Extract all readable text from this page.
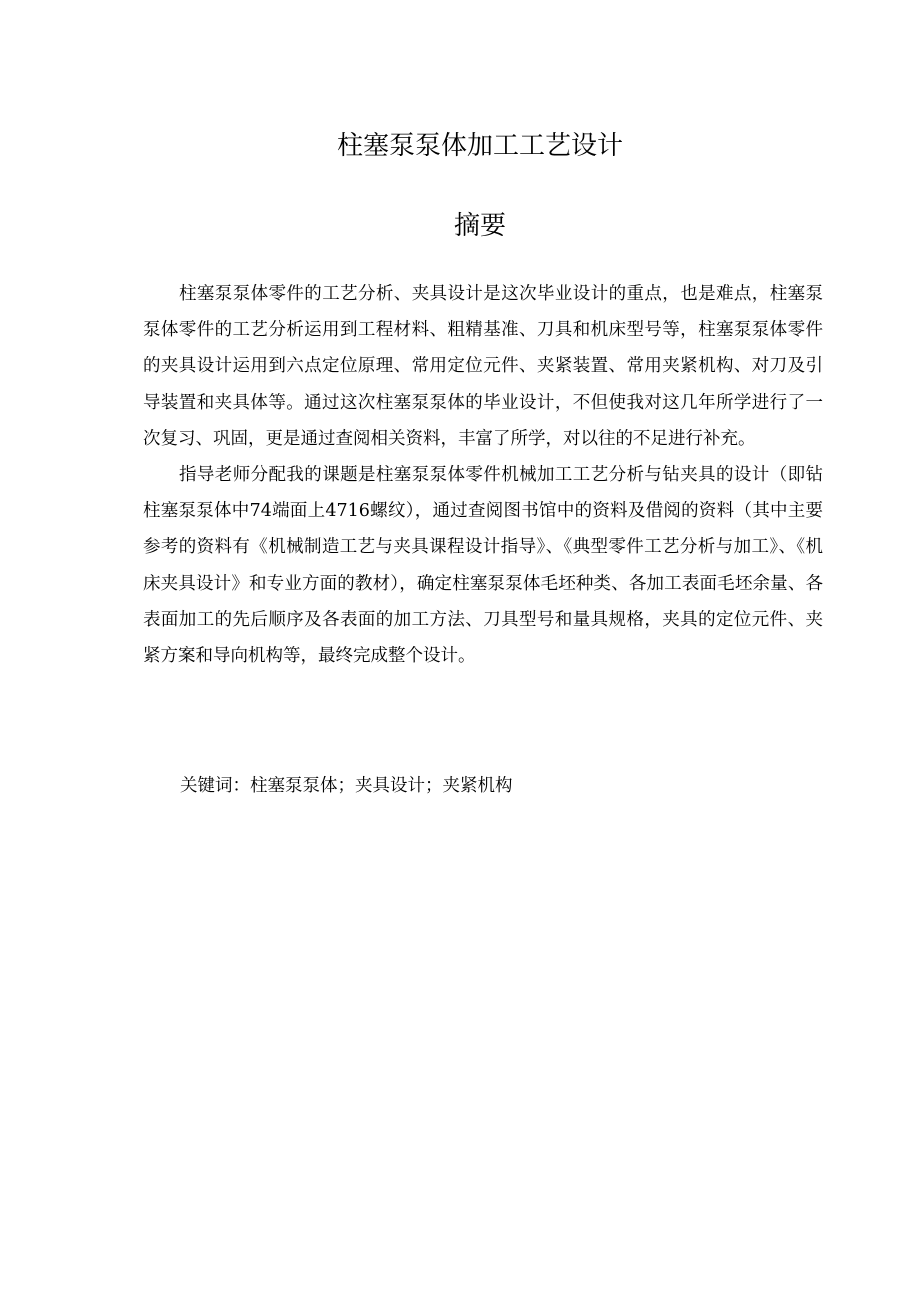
柱塞泵泵体加工工艺设计
摘要

柱塞泵泵体零件的工艺分析、夹具设计是这次毕业设计的重点，也是难点，柱塞泵泵体零件的工艺分析运用到工程材料、粗精基准、刀具和机床型号等，柱塞泵泵体零件的夹具设计运用到六点定位原理、常用定位元件、夹紧装置、常用夹紧机构、对刀及引导装置和夹具体等。通过这次柱塞泵泵体的毕业设计，不但使我对这几年所学进行了一次复习、巩固，更是通过查阅相关资料，丰富了所学，对以往的不足进行补充。

指导老师分配我的课题是柱塞泵泵体零件机械加工工艺分析与钻夹具的设计（即钻柱塞泵泵体中74端面上4716螺纹），通过查阅图书馆中的资料及借阅的资料（其中主要参考的资料有《机械制造工艺与夹具课程设计指导》、《典型零件工艺分析与加工》、《机床夹具设计》和专业方面的教材），确定柱塞泵泵体毛坯种类、各加工表面毛坯余量、各表面加工的先后顺序及各表面的加工方法、刀具型号和量具规格，夹具的定位元件、夹紧方案和导向机构等，最终完成整个设计。

关键词：柱塞泵泵体；夹具设计；夹紧机构
